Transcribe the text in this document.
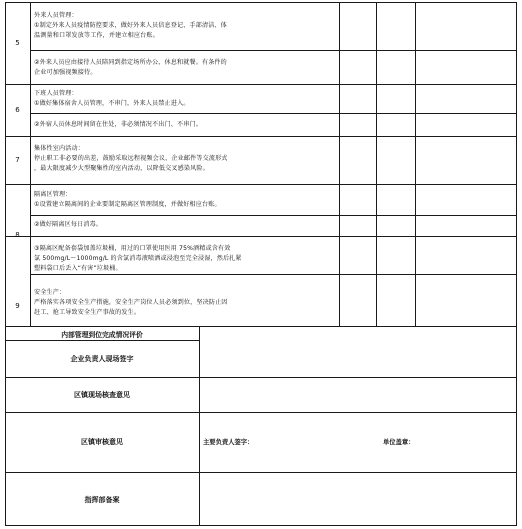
5
外来人员管理：
①制定外来人员疫情防控要求，做好外来人员信息登记、手部清洁、体
温测量和口罩发放等工作，并建立相应台账。
②外来人员应由接待人员陪同到指定场所办公、休息和就餐。有条件的
企业可加强视频接待。
6
下班人员管理：
①做好集体宿舍人员管理，不串门，外来人员禁止进入。
②外宿人员休息时间留在住处，非必须情况不出门、不串门。
7
集体性室内活动：
停止职工非必要的出差，鼓励采取远程视频会议、企业邮件等交流形式
，最大限度减少大型聚集性的室内活动，以降低交叉感染风险。
8
隔离区管理：
①设置建立隔离间的企业要制定隔离区管理制度，并做好相应台账。
②做好隔离区每日消毒。
9
③隔离区配备套袋加盖垃圾桶，用过的口罩使用医用 75%酒精或含有效
氯 500mg/L～1000mg/L 的含氯消毒液喷洒或浸泡至完全浸湿，然后扎紧
塑料袋口后丢入“有害”垃圾桶。
安全生产：
严格落实各项安全生产措施，安全生产岗位人员必须到位，坚决防止因
赶工、抢工导致安全生产事故的发生。
内部管理到位完成情况评价
企业负责人现场签字
区镇现场核查意见
区镇审核意见	主要负责人签字：	单位盖章：
指挥部备案
